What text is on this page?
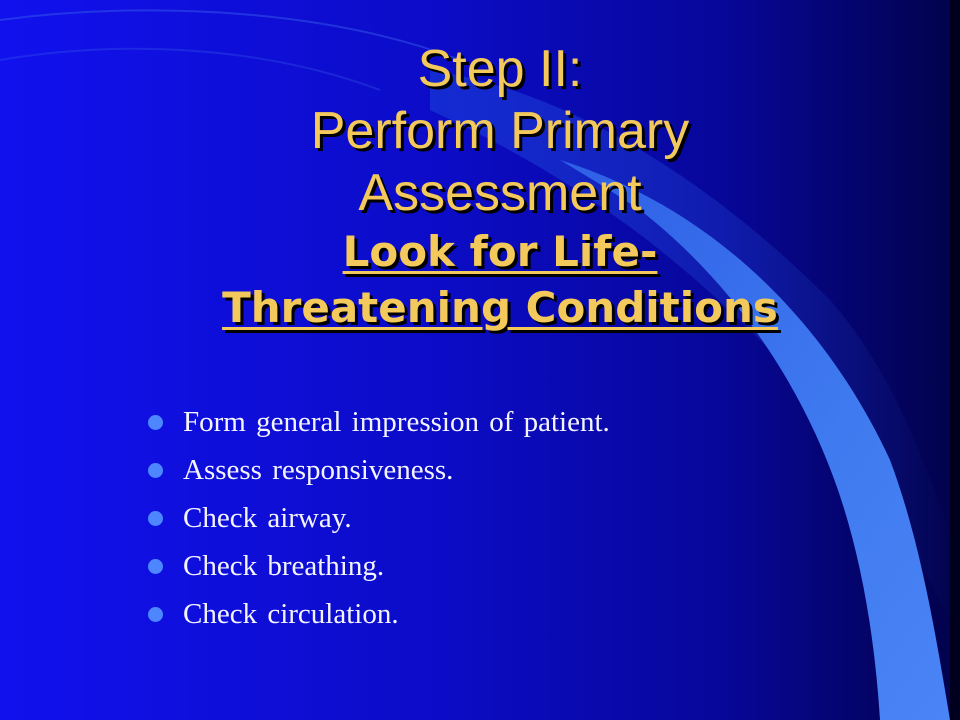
Step II:
Perform Primary
Assessment
Look for Life-
Threatening Conditions
Form general impression of patient.
Assess responsiveness.
Check airway.
Check breathing.
Check circulation.
